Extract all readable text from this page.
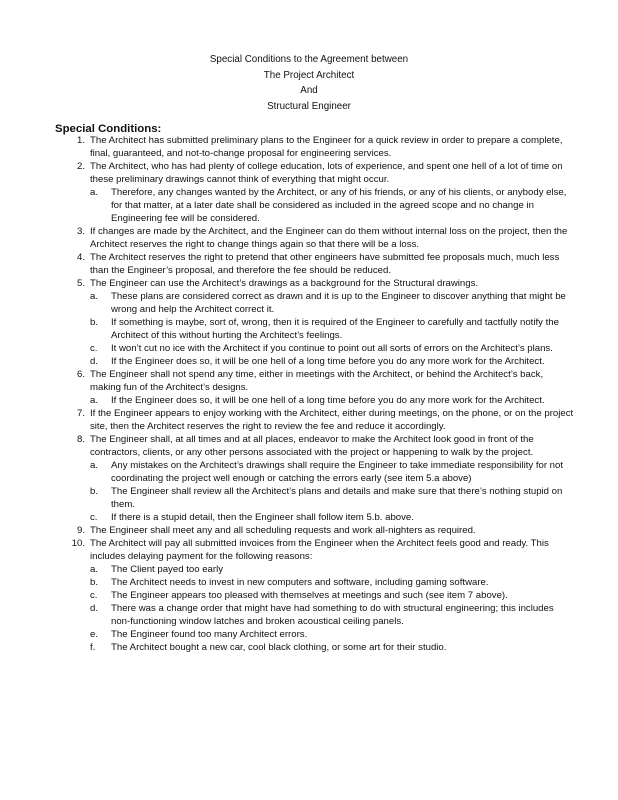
Special Conditions to the Agreement between
The Project Architect
And
Structural Engineer
Special Conditions:
1. The Architect has submitted preliminary plans to the Engineer for a quick review in order to prepare a complete, final, guaranteed, and not-to-change proposal for engineering services.
2. The Architect, who has had plenty of college education, lots of experience, and spent one hell of a lot of time on these preliminary drawings cannot think of everything that might occur.
a.	Therefore, any changes wanted by the Architect, or any of his friends, or any of his clients, or anybody else, for that matter, at a later date shall be considered as included in the agreed scope and no change in Engineering fee will be considered.
3. If changes are made by the Architect, and the Engineer can do them without internal loss on the project, then the Architect reserves the right to change things again so that there will be a loss.
4. The Architect reserves the right to pretend that other engineers have submitted fee proposals much, much less than the Engineer’s proposal, and therefore the fee should be reduced.
5. The Engineer can use the Architect’s drawings as a background for the Structural drawings.
a.	These plans are considered correct as drawn and it is up to the Engineer to discover anything that might be wrong and help the Architect correct it.
b.	If something is maybe, sort of, wrong, then it is required of the Engineer to carefully and tactfully notify the Architect of this without hurting the Architect’s feelings.
c.	It won’t cut no ice with the Architect if you continue to point out all sorts of errors on the Architect’s plans.
d.	If the Engineer does so, it will be one hell of a long time before you do any more work for the Architect.
6. The Engineer shall not spend any time, either in meetings with the Architect, or behind the Architect’s back, making fun of the Architect’s designs.
a.	If the Engineer does so, it will be one hell of a long time before you do any more work for the Architect.
7. If the Engineer appears to enjoy working with the Architect, either during meetings, on the phone, or on the project site, then the Architect reserves the right to review the fee and reduce it accordingly.
8. The Engineer shall, at all times and at all places, endeavor to make the Architect look good in front of the contractors, clients, or any other persons associated with the project or happening to walk by the project.
a.	Any mistakes on the Architect’s drawings shall require the Engineer to take immediate responsibility for not coordinating the project well enough or catching the errors early (see item 5.a above)
b.	The Engineer shall review all the Architect’s plans and details and make sure that there’s nothing stupid on them.
c.	If there is a stupid detail, then the Engineer shall follow item 5.b. above.
9. The Engineer shall meet any and all scheduling requests and work all-nighters as required.
10. The Architect will pay all submitted invoices from the Engineer when the Architect feels good and ready. This includes delaying payment for the following reasons:
a.	The Client payed too early
b.	The Architect needs to invest in new computers and software, including gaming software.
c.	The Engineer appears too pleased with themselves at meetings and such (see item 7 above).
d.	There was a change order that might have had something to do with structural engineering; this includes non-functioning window latches and broken acoustical ceiling panels.
e.	The Engineer found too many Architect errors.
f.	The Architect bought a new car, cool black clothing, or some art for their studio.
